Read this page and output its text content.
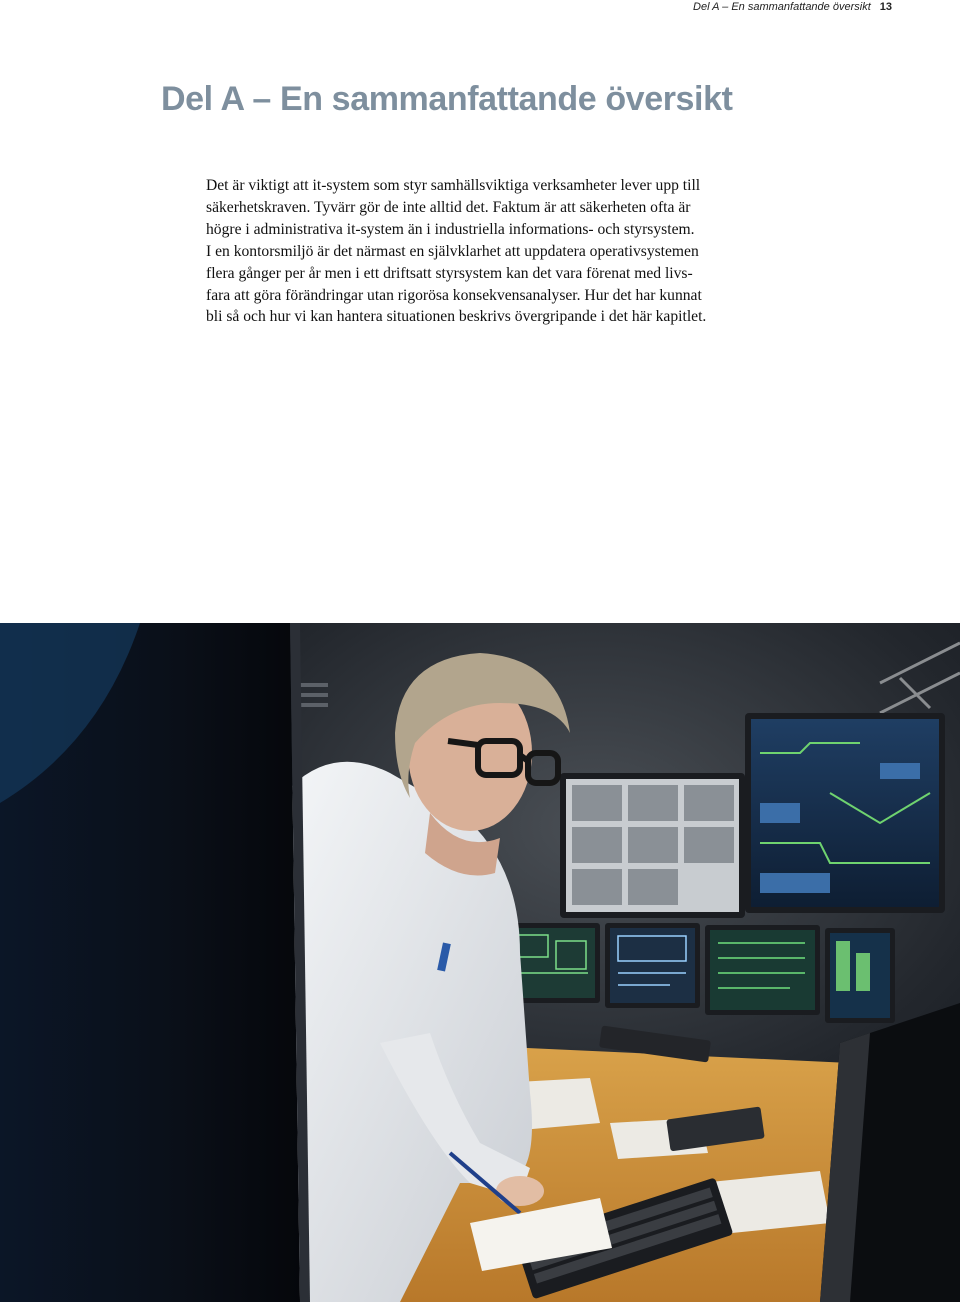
Del A – En sammanfattande översikt 13
Del A – En sammanfattande översikt
Det är viktigt att it-system som styr samhällsviktiga verksamheter lever upp till
säkerhetskraven. Tyvärr gör de inte alltid det. Faktum är att säkerheten ofta är
högre i administrativa it-system än i industriella informations- och styrsystem.
I en kontorsmiljö är det närmast en självklarhet att uppdatera operativsystemen
flera gånger per år men i ett driftsatt styrsystem kan det vara förenat med livs-
fara att göra förändringar utan rigorösa konsekvensanalyser. Hur det har kunnat
bli så och hur vi kan hantera situationen beskrivs övergripande i det här kapitlet.
